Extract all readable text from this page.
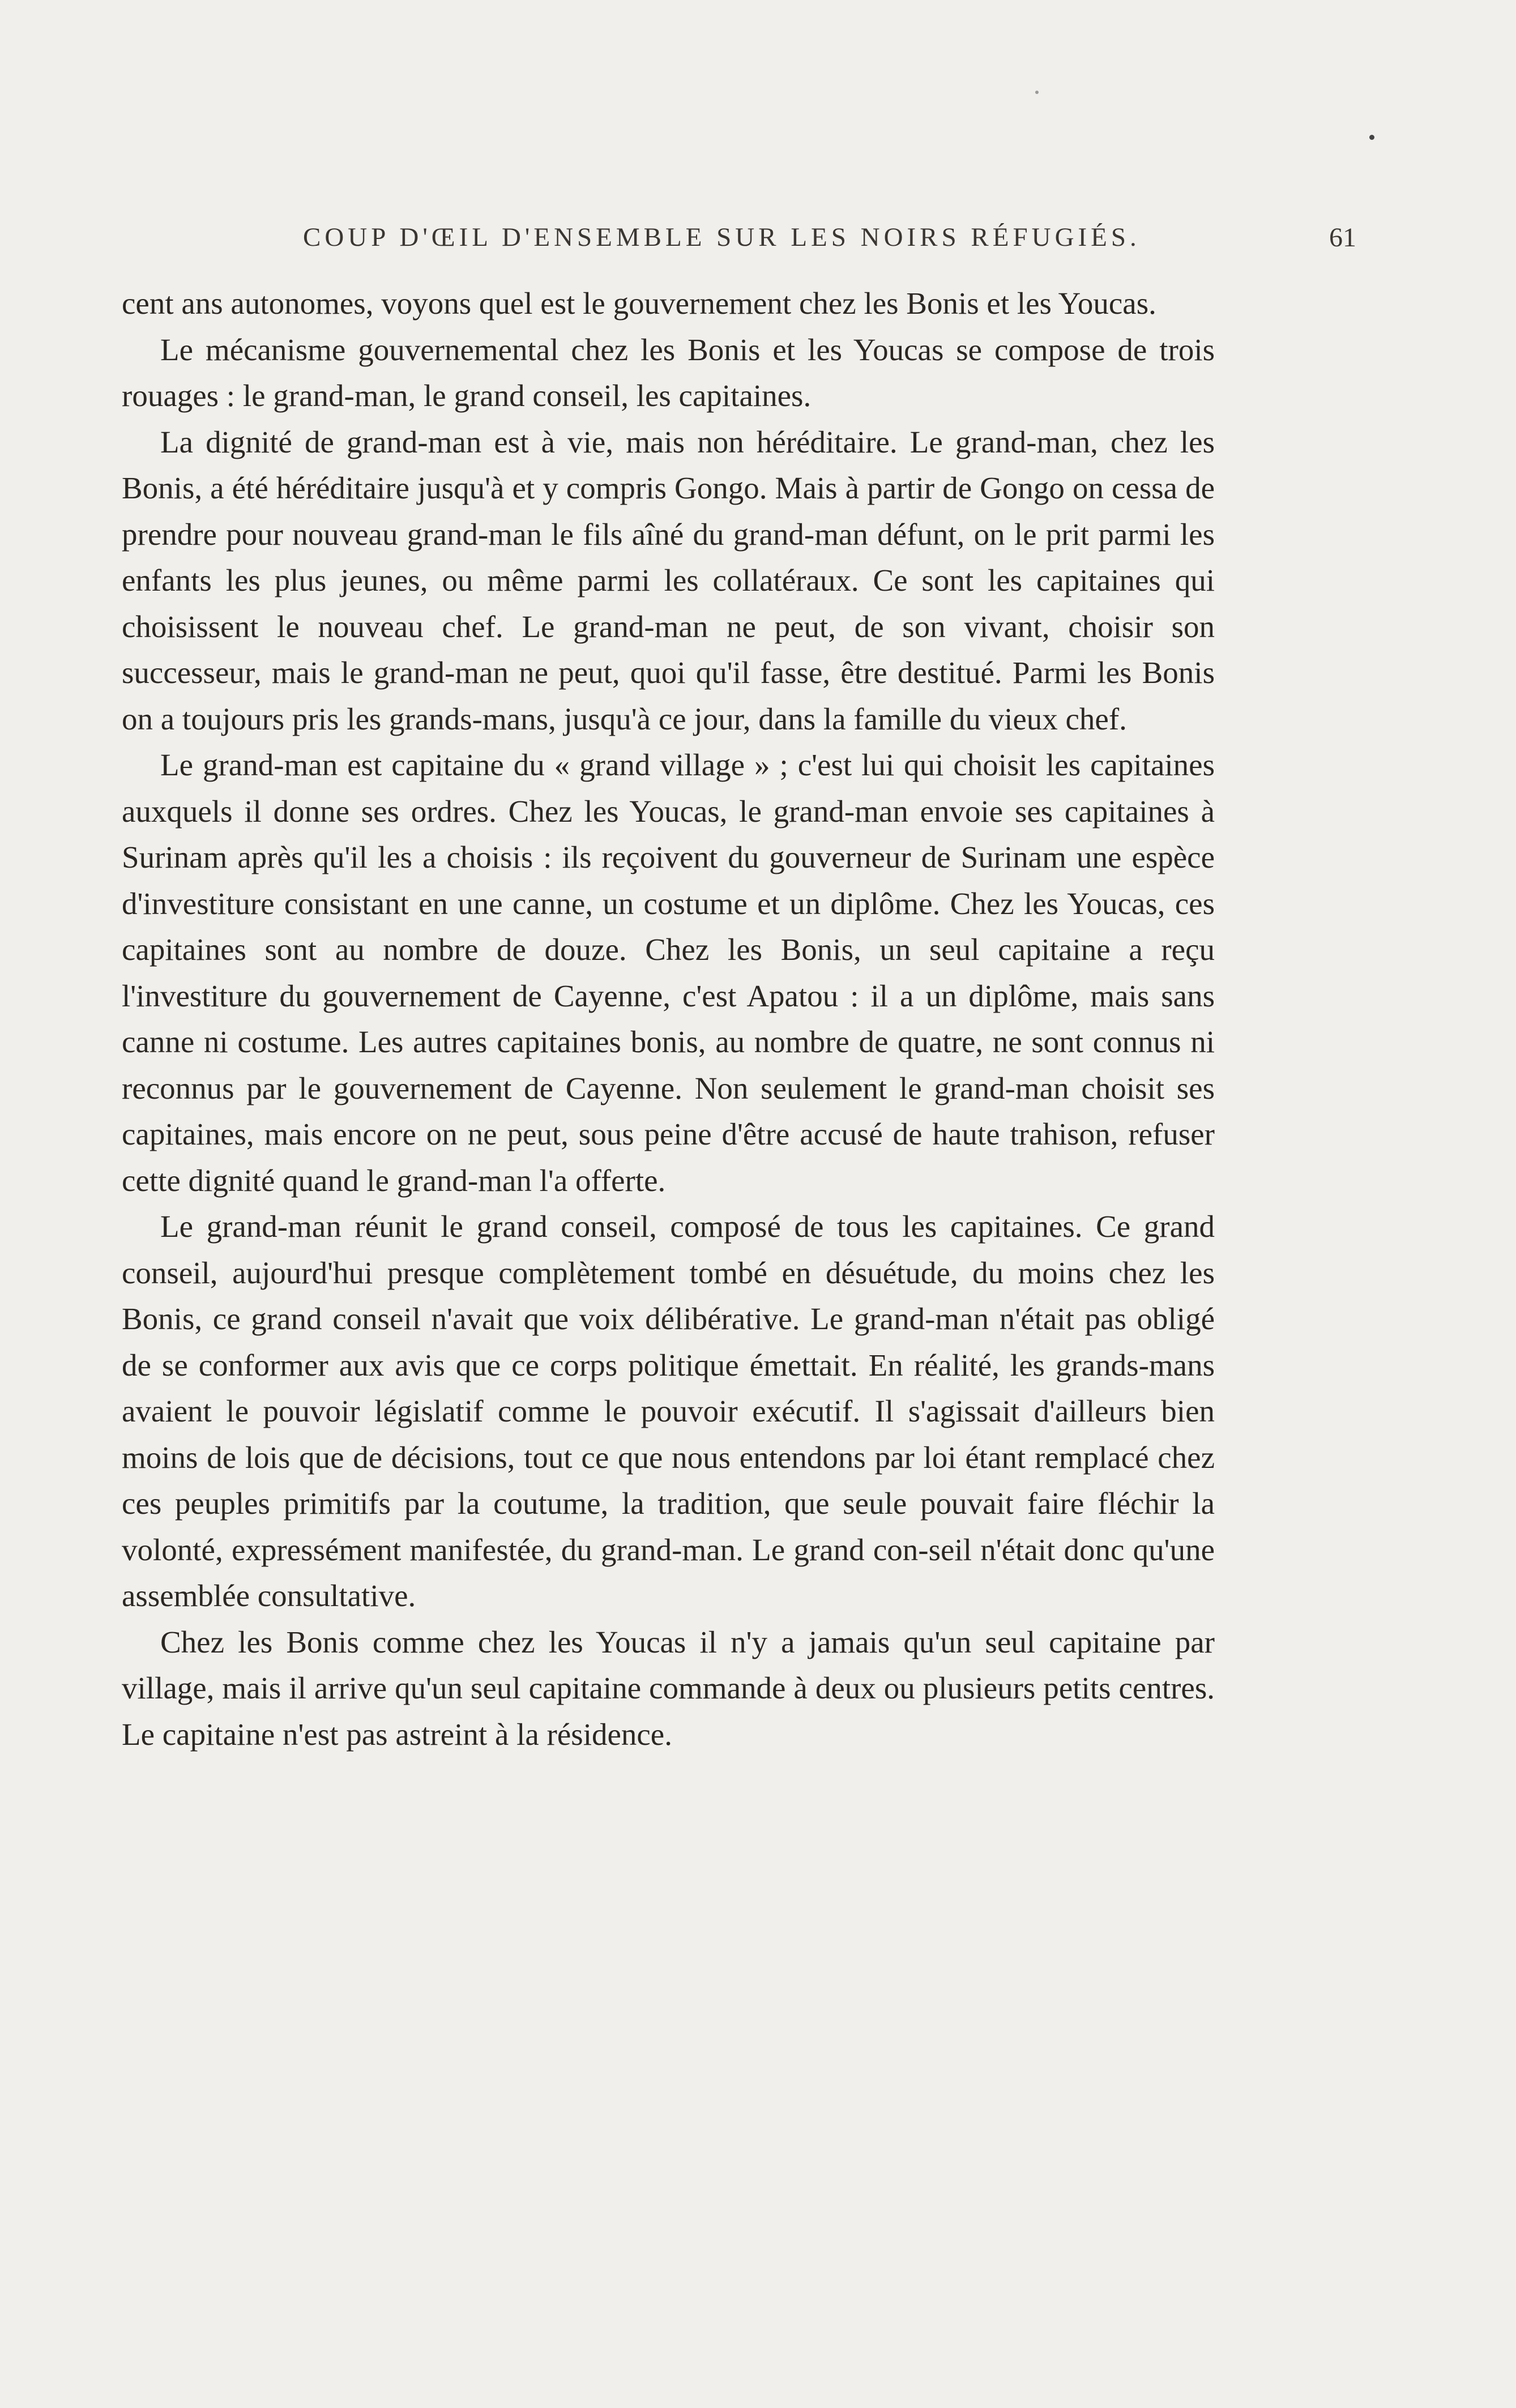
COUP D'ŒIL D'ENSEMBLE SUR LES NOIRS RÉFUGIÉS.	61

cent ans autonomes, voyons quel est le gouvernement chez les Bonis et les Youcas.

Le mécanisme gouvernemental chez les Bonis et les Youcas se compose de trois rouages : le grand-man, le grand conseil, les capitaines.

La dignité de grand-man est à vie, mais non héréditaire. Le grand-man, chez les Bonis, a été héréditaire jusqu'à et y compris Gongo. Mais à partir de Gongo on cessa de prendre pour nouveau grand-man le fils aîné du grand-man défunt, on le prit parmi les enfants les plus jeunes, ou même parmi les collatéraux. Ce sont les capitaines qui choisissent le nouveau chef. Le grand-man ne peut, de son vivant, choisir son successeur, mais le grand-man ne peut, quoi qu'il fasse, être destitué. Parmi les Bonis on a toujours pris les grands-mans, jusqu'à ce jour, dans la famille du vieux chef.

Le grand-man est capitaine du « grand village » ; c'est lui qui choisit les capitaines auxquels il donne ses ordres. Chez les Youcas, le grand-man envoie ses capitaines à Surinam après qu'il les a choisis : ils reçoivent du gouverneur de Surinam une espèce d'investiture consistant en une canne, un costume et un diplôme. Chez les Youcas, ces capitaines sont au nombre de douze. Chez les Bonis, un seul capitaine a reçu l'investiture du gouvernement de Cayenne, c'est Apatou : il a un diplôme, mais sans canne ni costume. Les autres capitaines bonis, au nombre de quatre, ne sont connus ni reconnus par le gouvernement de Cayenne. Non seulement le grand-man choisit ses capitaines, mais encore on ne peut, sous peine d'être accusé de haute trahison, refuser cette dignité quand le grand-man l'a offerte.

Le grand-man réunit le grand conseil, composé de tous les capitaines. Ce grand conseil, aujourd'hui presque complètement tombé en désuétude, du moins chez les Bonis, ce grand conseil n'avait que voix délibérative. Le grand-man n'était pas obligé de se conformer aux avis que ce corps politique émettait. En réalité, les grands-mans avaient le pouvoir législatif comme le pouvoir exécutif. Il s'agissait d'ailleurs bien moins de lois que de décisions, tout ce que nous entendons par loi étant remplacé chez ces peuples primitifs par la coutume, la tradition, que seule pouvait faire fléchir la volonté, expressément manifestée, du grand-man. Le grand con-seil n'était donc qu'une assemblée consultative.

Chez les Bonis comme chez les Youcas il n'y a jamais qu'un seul capitaine par village, mais il arrive qu'un seul capitaine commande à deux ou plusieurs petits centres. Le capitaine n'est pas astreint à la résidence.
